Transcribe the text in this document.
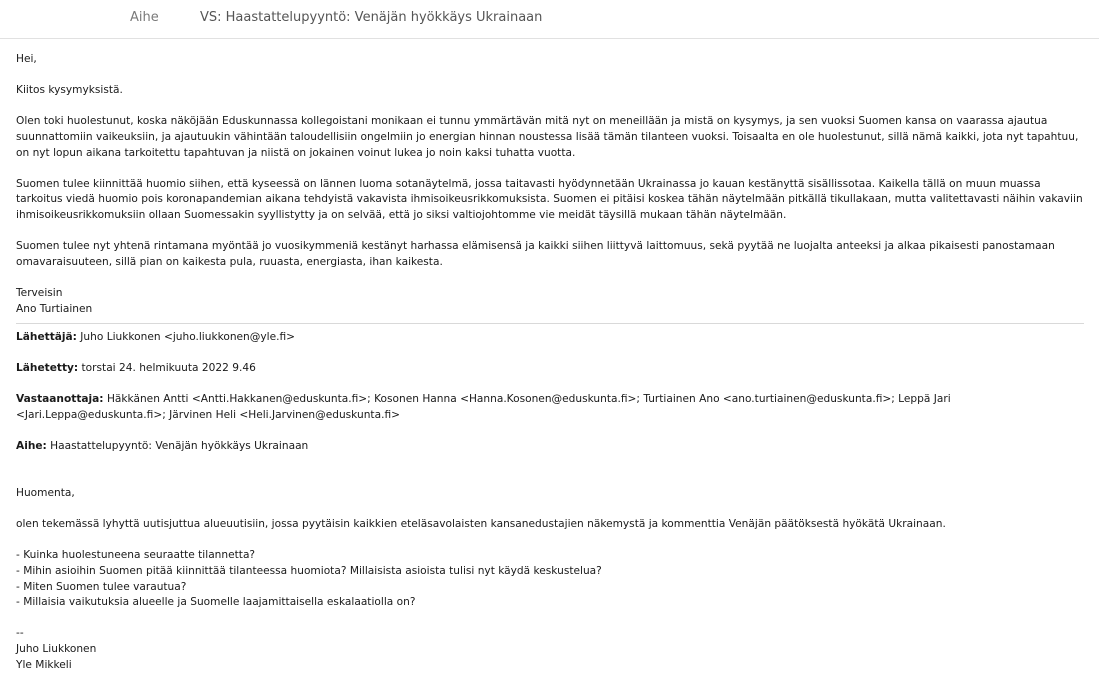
Aihe	VS: Haastattelupyyntö: Venäjän hyökkäys Ukrainaan

Hei,

Kiitos kysymyksistä.

Olen toki huolestunut, koska näköjään Eduskunnassa kollegoistani monikaan ei tunnu ymmärtävän mitä nyt on meneillään ja mistä on kysymys, ja sen vuoksi Suomen kansa on vaarassa ajautua suunnattomiin vaikeuksiin, ja ajautuukin vähintään taloudellisiin ongelmiin jo energian hinnan noustessa lisää tämän tilanteen vuoksi. Toisaalta en ole huolestunut, sillä nämä kaikki, jota nyt tapahtuu, on nyt lopun aikana tarkoitettu tapahtuvan ja niistä on jokainen voinut lukea jo noin kaksi tuhatta vuotta.

Suomen tulee kiinnittää huomio siihen, että kyseessä on lännen luoma sotanäytelmä, jossa taitavasti hyödynnetään Ukrainassa jo kauan kestänyttä sisällissotaa. Kaikella tällä on muun muassa tarkoitus viedä huomio pois koronapandemian aikana tehdyistä vakavista ihmisoikeusrikkomuksista. Suomen ei pitäisi koskea tähän näytelmään pitkällä tikullakaan, mutta valitettavasti näihin vakaviin ihmisoikeusrikkomuksiin ollaan Suomessakin syyllistytty ja on selvää, että jo siksi valtiojohtomme vie meidät täysillä mukaan tähän näytelmään.

Suomen tulee nyt yhtenä rintamana myöntää jo vuosikymmeniä kestänyt harhassa elämisensä ja kaikki siihen liittyvä laittomuus, sekä pyytää ne luojalta anteeksi ja alkaa pikaisesti panostamaan omavaraisuuteen, sillä pian on kaikesta pula, ruuasta, energiasta, ihan kaikesta.

Terveisin

Ano Turtiainen

Lähettäjä: Juho Liukkonen <juho.liukkonen@yle.fi>

Lähetetty: torstai 24. helmikuuta 2022 9.46

Vastaanottaja: Häkkänen Antti <Antti.Hakkanen@eduskunta.fi>; Kosonen Hanna <Hanna.Kosonen@eduskunta.fi>; Turtiainen Ano <ano.turtiainen@eduskunta.fi>; Leppä Jari <Jari.Leppa@eduskunta.fi>; Järvinen Heli <Heli.Jarvinen@eduskunta.fi>

Aihe: Haastattelupyyntö: Venäjän hyökkäys Ukrainaan

Huomenta,

olen tekemässä lyhyttä uutisjuttua alueuutisiin, jossa pyytäisin kaikkien eteläsavolaisten kansanedustajien näkemystä ja kommenttia Venäjän päätöksestä hyökätä Ukrainaan.

- Kuinka huolestuneena seuraatte tilannetta?

- Mihin asioihin Suomen pitää kiinnittää tilanteessa huomiota? Millaisista asioista tulisi nyt käydä keskustelua?

- Miten Suomen tulee varautua?

- Millaisia vaikutuksia alueelle ja Suomelle laajamittaisella eskalaatiolla on?

--

Juho Liukkonen

Yle Mikkeli
